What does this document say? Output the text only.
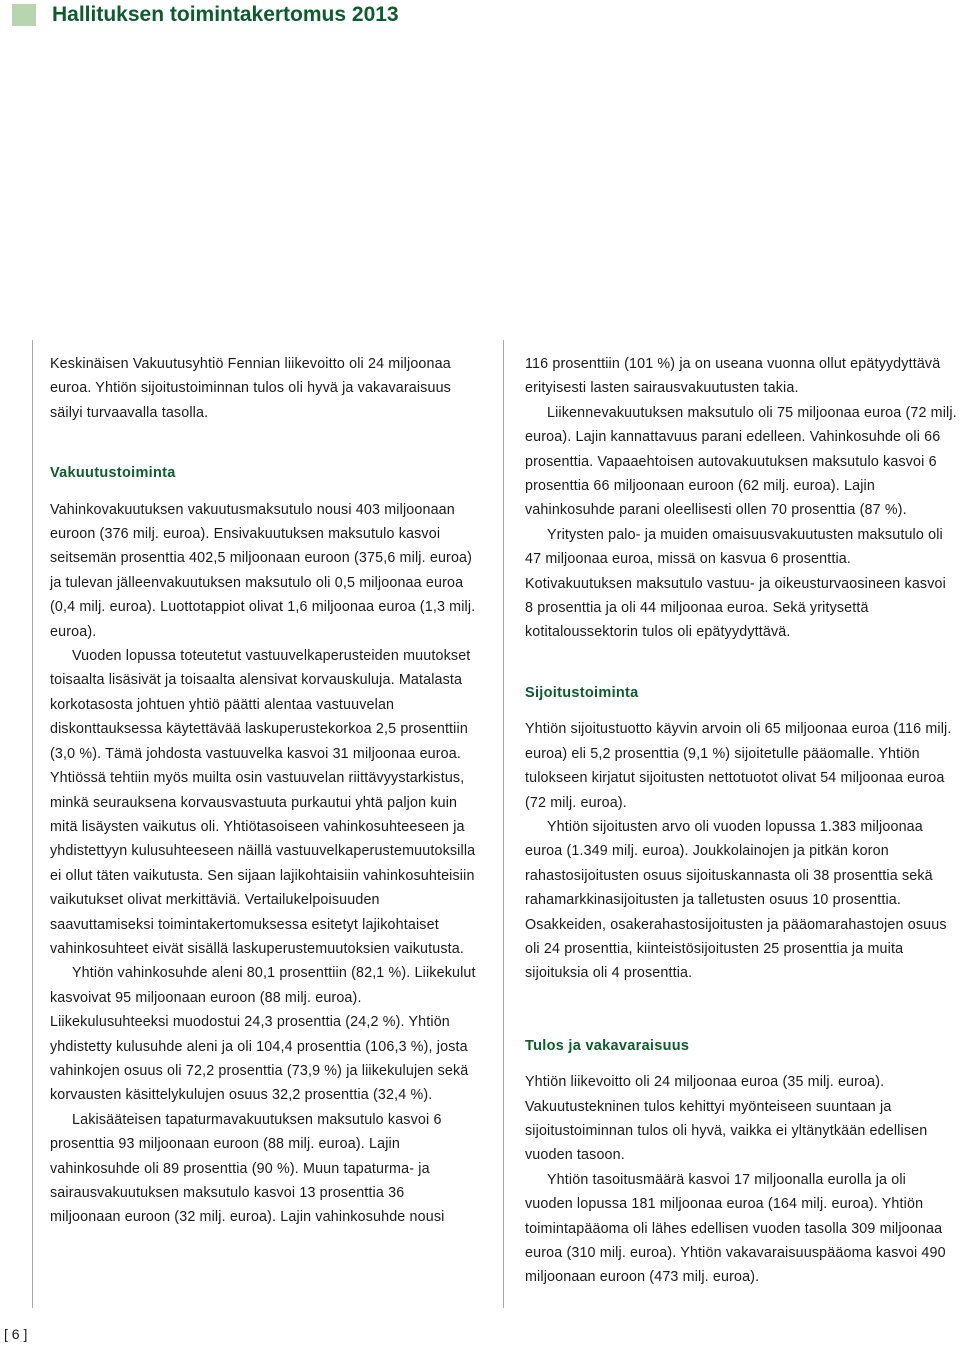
Hallituksen toimintakertomus 2013

Keskinäisen Vakuutusyhtiö Fennian liikevoitto oli 24 miljoonaa euroa. Yhtiön sijoitustoiminnan tulos oli hyvä ja vakavaraisuus säilyi turvaavalla tasolla.

Vakuutustoiminta

Vahinkovakuutuksen vakuutusmaksutulo nousi 403 miljoonaan euroon (376 milj. euroa). Ensivakuutuksen maksutulo kasvoi seitsemän prosenttia 402,5 miljoonaan euroon (375,6 milj. euroa) ja tulevan jälleenvakuutuksen maksutulo oli 0,5 miljoonaa euroa (0,4 milj. euroa). Luottotappiot olivat 1,6 miljoonaa euroa (1,3 milj. euroa).

Vuoden lopussa toteutetut vastuuvelkaperusteiden muutokset toisaalta lisäsivät ja toisaalta alensivat korvauskuluja. Matalasta korkotasosta johtuen yhtiö päätti alentaa vastuuvelan diskonttauksessa käytettävää laskuperustekorkoa 2,5 prosenttiin (3,0 %). Tämä johdosta vastuuvelka kasvoi 31 miljoonaa euroa. Yhtiössä tehtiin myös muilta osin vastuuvelan riittävyystarkistus, minkä seurauksena korvausvastuuta purkautui yhtä paljon kuin mitä lisäysten vaikutus oli. Yhtiötasoiseen vahinkosuhteeseen ja yhdistettyyn kulusuhteeseen näillä vastuuvelkaperustemuutoksilla ei ollut täten vaikutusta. Sen sijaan lajikohtaisiin vahinkosuhteisiin vaikutukset olivat merkittäviä. Vertailukelpoisuuden saavuttamiseksi toimintakertomuksessa esitetyt lajikohtaiset vahinkosuhteet eivät sisällä laskuperustemuutoksien vaikutusta.

Yhtiön vahinkosuhde aleni 80,1 prosenttiin (82,1 %). Liikekulut kasvoivat 95 miljoonaan euroon (88 milj. euroa). Liikekulusuhteeksi muodostui 24,3 prosenttia (24,2 %). Yhtiön yhdistetty kulusuhde aleni ja oli 104,4 prosenttia (106,3 %), josta vahinkojen osuus oli 72,2 prosenttia (73,9 %) ja liikekulujen sekä korvausten käsittelykulujen osuus 32,2 prosenttia (32,4 %).

Lakisääteisen tapaturmavakuutuksen maksutulo kasvoi 6 prosenttia 93 miljoonaan euroon (88 milj. euroa). Lajin vahinkosuhde oli 89 prosenttia (90 %). Muun tapaturma- ja sairausvakuutuksen maksutulo kasvoi 13 prosenttia 36 miljoonaan euroon (32 milj. euroa). Lajin vahinkosuhde nousi

116 prosenttiin (101 %) ja on useana vuonna ollut epätyydyttävä erityisesti lasten sairausvakuutusten takia.

Liikennevakuutuksen maksutulo oli 75 miljoonaa euroa (72 milj. euroa). Lajin kannattavuus parani edelleen. Vahinkosuhde oli 66 prosenttia. Vapaaehtoisen autovakuutuksen maksutulo kasvoi 6 prosenttia 66 miljoonaan euroon (62 milj. euroa). Lajin vahinkosuhde parani oleellisesti ollen 70 prosenttia (87 %).

Yritysten palo- ja muiden omaisuusvakuutusten maksutulo oli 47 miljoonaa euroa, missä on kasvua 6 prosenttia. Kotivakuutuksen maksutulo vastuu- ja oikeusturvaosineen kasvoi 8 prosenttia ja oli 44 miljoonaa euroa. Sekä yritysettä kotitaloussektorin tulos oli epätyydyttävä.

Sijoitustoiminta

Yhtiön sijoitustuotto käyvin arvoin oli 65 miljoonaa euroa (116 milj. euroa) eli 5,2 prosenttia (9,1 %) sijoitetulle pääomalle. Yhtiön tulokseen kirjatut sijoitusten nettotuotot olivat 54 miljoonaa euroa (72 milj. euroa).

Yhtiön sijoitusten arvo oli vuoden lopussa 1.383 miljoonaa euroa (1.349 milj. euroa). Joukkolainojen ja pitkän koron rahastosijoitusten osuus sijoituskannasta oli 38 prosenttia sekä rahamarkkinasijoitusten ja talletusten osuus 10 prosenttia. Osakkeiden, osakerahastosijoitusten ja pääomarahastojen osuus oli 24 prosenttia, kiinteistösijoitusten 25 prosenttia ja muita sijoituksia oli 4 prosenttia.

Tulos ja vakavaraisuus

Yhtiön liikevoitto oli 24 miljoonaa euroa (35 milj. euroa). Vakuutustekninen tulos kehittyi myönteiseen suuntaan ja sijoitustoiminnan tulos oli hyvä, vaikka ei yltänytkään edellisen vuoden tasoon.

Yhtiön tasoitusmäärä kasvoi 17 miljoonalla eurolla ja oli vuoden lopussa 181 miljoonaa euroa (164 milj. euroa). Yhtiön toimintapääoma oli lähes edellisen vuoden tasolla 309 miljoonaa euroa (310 milj. euroa). Yhtiön vakavaraisuuspääoma kasvoi 490 miljoonaan euroon (473 milj. euroa).

[ 6 ]
